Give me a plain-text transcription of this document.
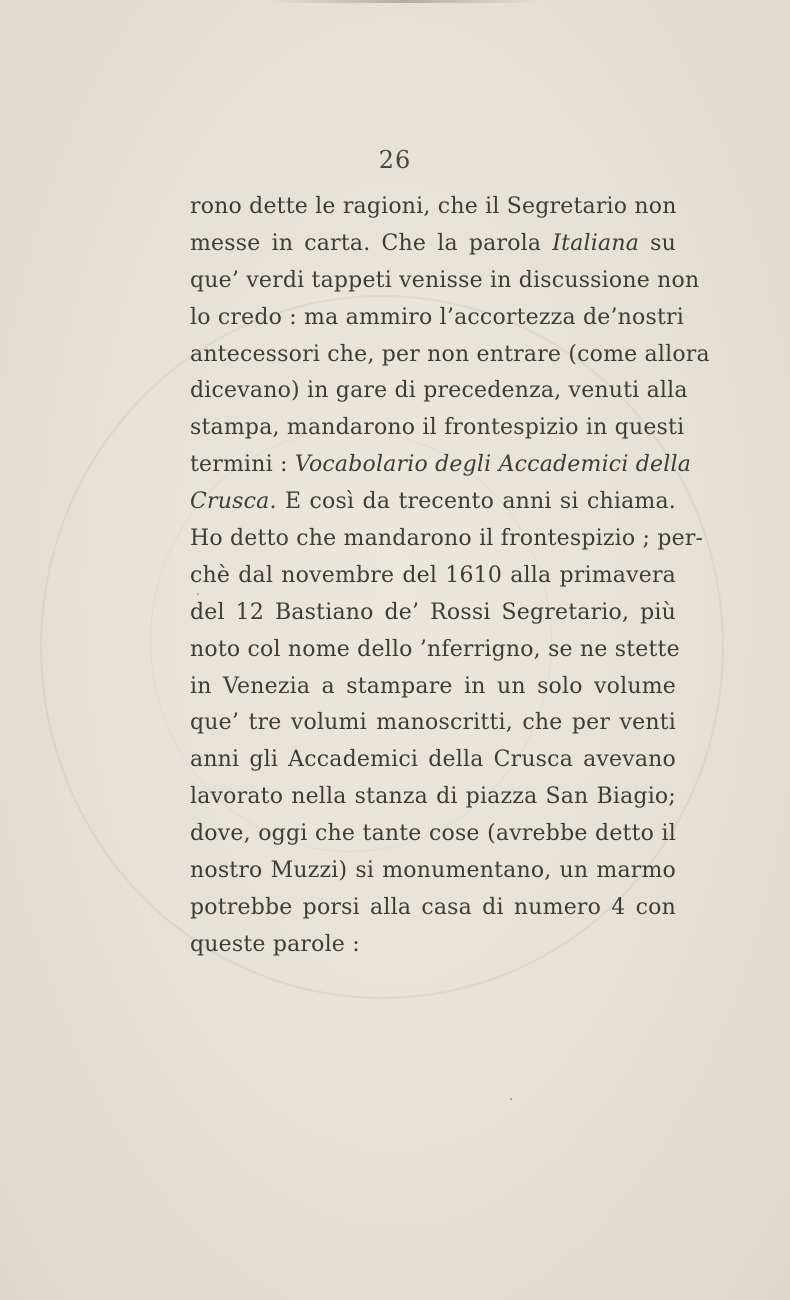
26
rono dette le ragioni, che il Segretario non
messe in carta. Che la parola Italiana su
que’ verdi tappeti venisse in discussione non
lo credo : ma ammiro l’accortezza de’nostri
antecessori che, per non entrare (come allora
dicevano) in gare di precedenza, venuti alla
stampa, mandarono il frontespizio in questi
termini : Vocabolario degli Accademici della
Crusca. E così da trecento anni si chiama.
Ho detto che mandarono il frontespizio ; per-
chè dal novembre del 1610 alla primavera
del 12 Bastiano de’ Rossi Segretario, più
noto col nome dello ’nferrigno, se ne stette
in Venezia a stampare in un solo volume
que’ tre volumi manoscritti, che per venti
anni gli Accademici della Crusca avevano
lavorato nella stanza di piazza San Biagio;
dove, oggi che tante cose (avrebbe detto il
nostro Muzzi) si monumentano, un marmo
potrebbe porsi alla casa di numero 4 con
queste parole :
